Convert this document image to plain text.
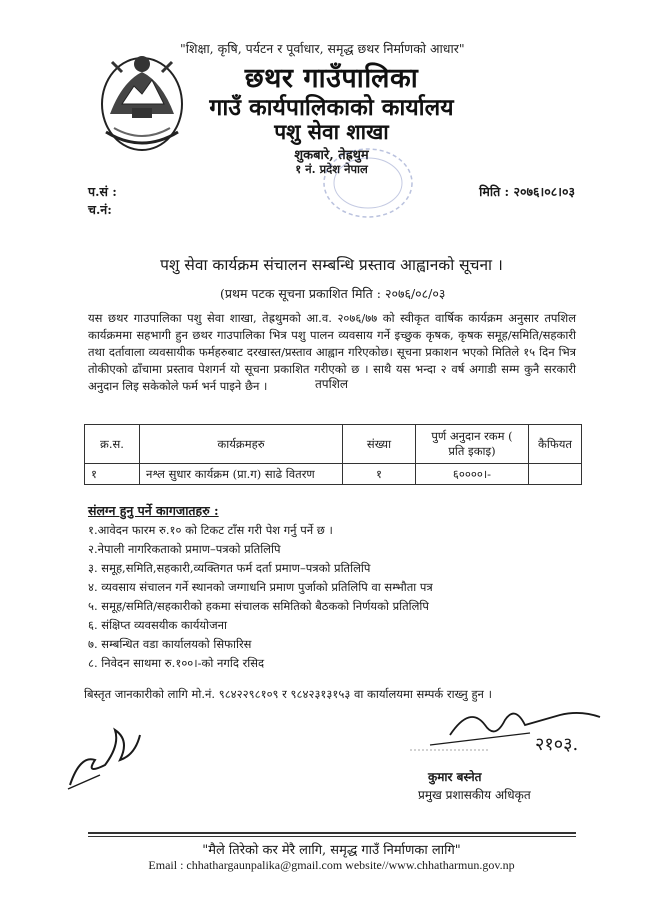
"शिक्षा, कृषि, पर्यटन र पूर्वाधार, समृद्ध छथर निर्माणको आधार"
छथर गाउँपालिका
गाउँ कार्यपालिकाको कार्यालय
पशु सेवा शाखा
शुकबारे, तेह्रथुम
१ नं. प्रदेश नेपाल
प.सं :
च.नं:
मिति : २०७६।०८।०३
पशु सेवा कार्यक्रम संचालन सम्बन्धि प्रस्ताव आह्वानको सूचना ।
(प्रथम पटक सूचना प्रकाशित मिति : २०७६/०८/०३
यस छथर गाउपालिका पशु सेवा शाखा, तेह्रथुमको आ.व. २०७६/७७ को स्वीकृत वार्षिक कार्यक्रम अनुसार तपशिल कार्यक्रममा सहभागी हुन छथर गाउपालिका भित्र पशु पालन व्यवसाय गर्ने इच्छुक कृषक, कृषक समूह/समिति/सहकारी तथा दर्तावाला व्यवसायीक फर्महरुबाट दरखास्त/प्रस्ताव आह्वान गरिएकोछ। सूचना प्रकाशन भएको मितिले १५ दिन भित्र तोकीएको ढाँचामा प्रस्ताव पेशगर्न यो सूचना प्रकाशित गरीएको छ । साथै यस भन्दा २ वर्ष अगाडी सम्म कुनै सरकारी अनुदान लिइ सकेकोले फर्म भर्न पाइने छैन ।	तपशिल
क्र.स.	कार्यक्रमहरु	संख्या	पुर्ण अनुदान रकम ( प्रति इकाइ)	कैफियत
१	नश्ल सुधार कार्यक्रम (प्रा.ग) साढे वितरण	१	६००००।-	
संलग्न हुनु पर्ने कागजातहरु :
१.आवेदन फारम रु.१० को टिकट टाँस गरी पेश गर्नु पर्ने छ ।
२.नेपाली नागरिकताको प्रमाण–पत्रको प्रतिलिपि
३. समूह,समिति,सहकारी,व्यक्तिगत फर्म दर्ता प्रमाण–पत्रको प्रतिलिपि
४. व्यवसाय संचालन गर्ने स्थानको जग्गाधनि प्रमाण पुर्जाको प्रतिलिपि वा सम्भौता पत्र
५. समूह/समिति/सहकारीको हकमा संचालक समितिको बैठकको निर्णयको प्रतिलिपि
६. संक्षिप्त व्यवसयीक कार्ययोजना
७. सम्बन्धित वडा कार्यालयको सिफारिस
८. निवेदन साथमा रु.१००।-को नगदि रसिद
बिस्तृत जानकारीको लागि मो.नं. ९८४२२९८१०९ र ९८४२३१३१५३ वा कार्यालयमा सम्पर्क राख्नु हुन ।
२१०३.
कुमार बस्नेत
प्रमुख प्रशासकीय अधिकृत
"मैले तिरेको कर मेरै लागि, समृद्ध गाउँ निर्माणका लागि"
Email : chhathargaunpalika@gmail.com website//www.chhatharmun.gov.np
